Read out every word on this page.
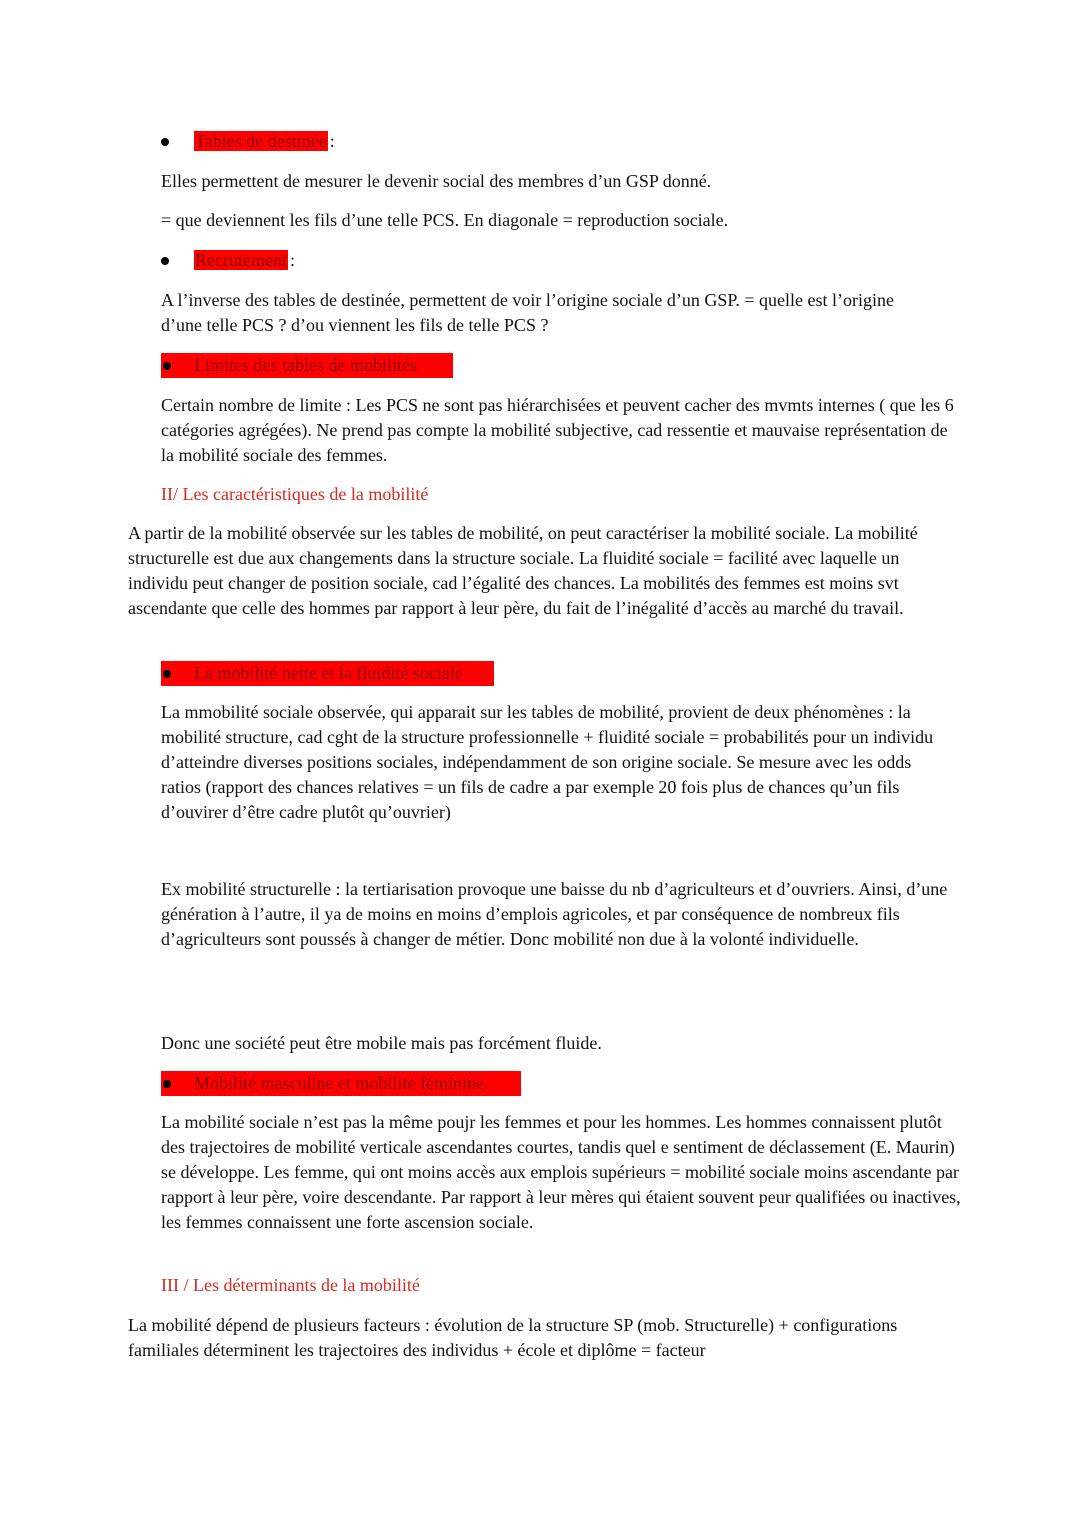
Tables de destinée :

Elles permettent de mesurer le devenir social des membres d’un GSP donné.

= que deviennent les fils d’une telle PCS. En diagonale = reproduction sociale.

Recrutement :

A l’inverse des tables de destinée, permettent de voir l’origine sociale d’un GSP. = quelle est l’origine d’une telle PCS ? d’ou viennent les fils de telle PCS ?

Limites des tables de mobilités

Certain nombre de limite : Les PCS ne sont pas hiérarchisées et peuvent cacher des mvmts internes ( que les 6 catégories agrégées). Ne prend pas compte la mobilité subjective, cad ressentie et mauvaise représentation de la mobilité sociale des femmes.

II/ Les caractéristiques de la mobilité

A partir de la mobilité observée sur les tables de mobilité, on peut caractériser la mobilité sociale. La mobilité structurelle est due aux changements dans la structure sociale. La fluidité sociale = facilité avec laquelle un individu peut changer de position sociale, cad l’égalité des chances. La mobilités des femmes est moins svt ascendante que celle des hommes par rapport à leur père, du fait de l’inégalité d’accès au marché du travail.

La mobilité nette et la fluidité sociale

La mmobilité sociale observée, qui apparait sur les tables de mobilité, provient de deux phénomènes : la mobilité structure, cad cght de la structure professionnelle + fluidité sociale = probabilités pour un individu d’atteindre diverses positions sociales, indépendamment de son origine sociale. Se mesure avec les odds ratios (rapport des chances relatives = un fils de cadre a par exemple 20 fois plus de chances qu’un fils d’ouvirer d’être cadre plutôt qu’ouvrier)

Ex mobilité structurelle : la tertiarisation provoque une baisse du nb d’agriculteurs et d’ouvriers. Ainsi, d’une génération à l’autre, il ya de moins en moins d’emplois agricoles, et par conséquence de nombreux fils d’agriculteurs sont poussés à changer de métier. Donc mobilité non due à la volonté individuelle.

Donc une société peut être mobile mais pas forcément fluide.

Mobilité masculine et mobilité féminine.

La mobilité sociale n’est pas la même poujr les femmes et pour les hommes. Les hommes connaissent plutôt des trajectoires de mobilité verticale ascendantes courtes, tandis quel e sentiment de déclassement (E. Maurin) se développe. Les femme, qui ont moins accès aux emplois supérieurs = mobilité sociale moins ascendante par rapport à leur père, voire descendante. Par rapport à leur mères qui étaient souvent peur qualifiées ou inactives, les femmes connaissent une forte ascension sociale.

III / Les déterminants de la mobilité

La mobilité dépend de plusieurs facteurs : évolution de la structure SP (mob. Structurelle) + configurations familiales déterminent les trajectoires des individus + école et diplôme = facteur
